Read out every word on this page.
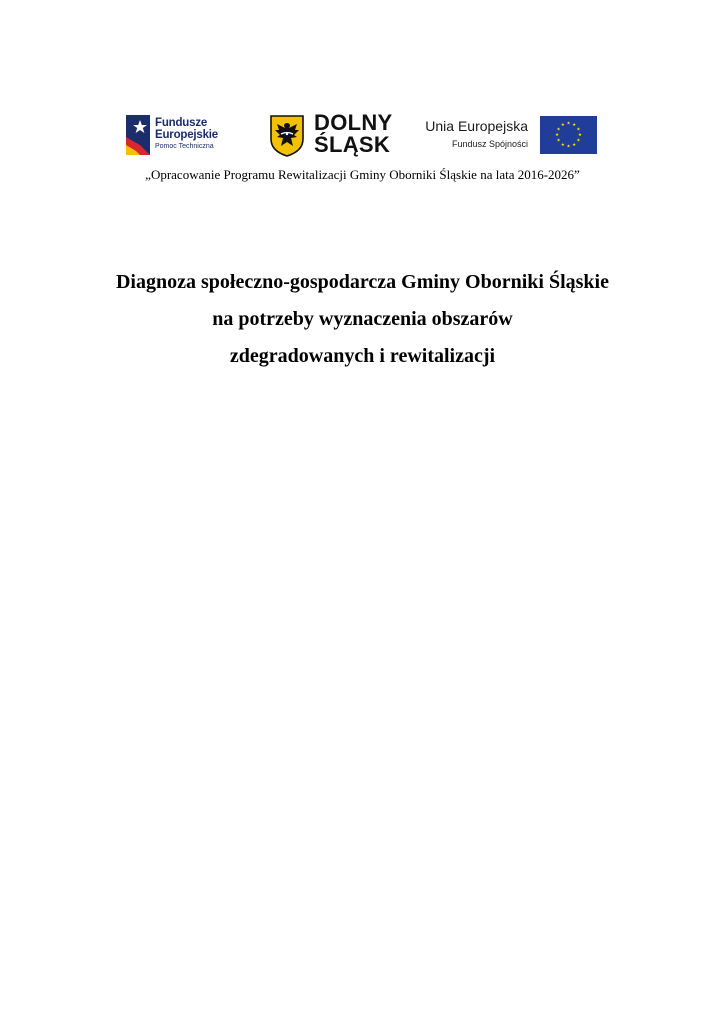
Fundusze
Europejskie
Pomoc Techniczna
DOLNY
ŚLĄSK
Unia Europejska
Fundusz Spójności
★ ★
★
★
★
★
★
★
★
★
★
★
„Opracowanie Programu Rewitalizacji Gminy Oborniki Śląskie na lata 2016-2026”
Diagnoza społeczno-gospodarcza Gminy Oborniki Śląskie
na potrzeby wyznaczenia obszarów
zdegradowanych i rewitalizacji
